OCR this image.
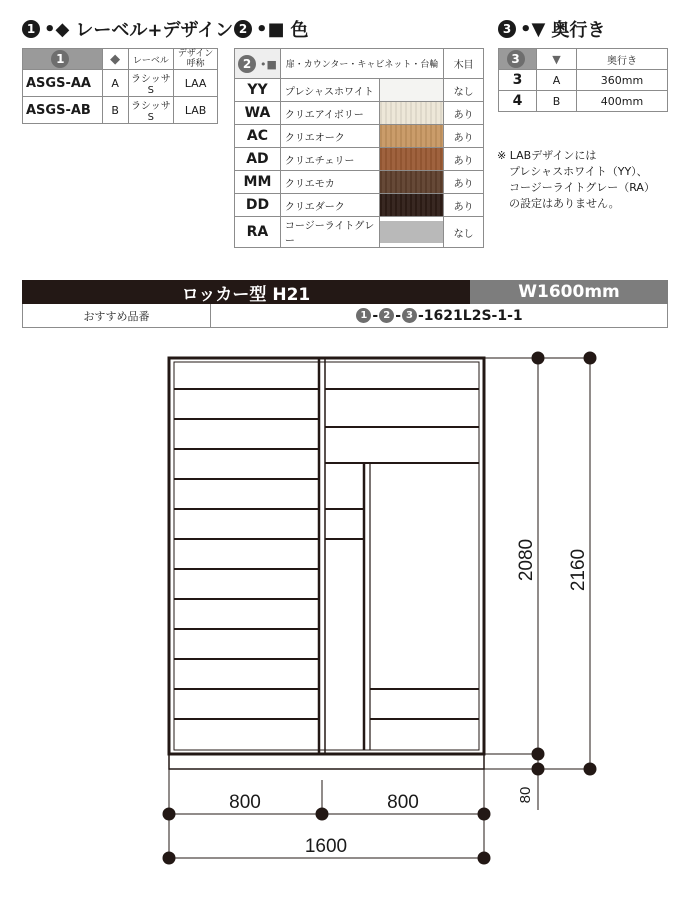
1 •◆ レーベル+デザイン 2 •■ 色	3 •▼ 奥行き
1	◆	レーベル	デザイン呼称
ASGS-AA	A	ラシッサS	LAA
ASGS-AB	B	ラシッサS	LAB
2 •■	扉・カウンター・キャビネット・台輪		木目
YY	プレシャスホワイト		なし
WA	クリエアイボリー		あり
AC	クリエオーク		あり
AD	クリエチェリー		あり
MM	クリエモカ		あり
DD	クリエダーク		あり
RA	コージーライトグレー		なし
3	▼	奥行き
3	A	360mm
4	B	400mm
※ LABデザインには
プレシャスホワイト（YY）、
コージーライトグレー（RA）
の設定はありません。
ロッカー型 H21	W1600mm
おすすめ品番	1 - 2 - 3 -1621L2S-1-1
800	800
1600
2080 2160
80
